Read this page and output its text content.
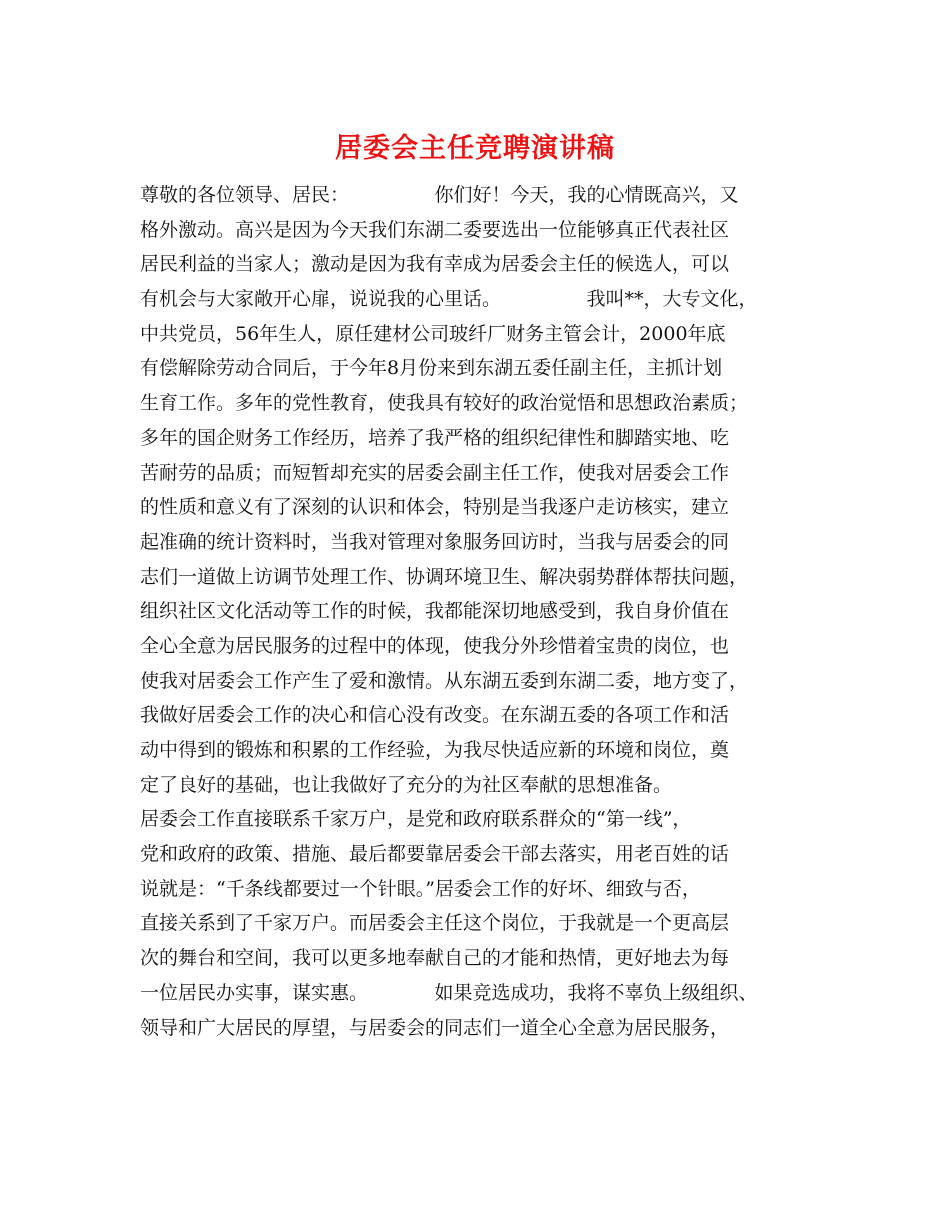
居委会主任竞聘演讲稿
尊敬的各位领导、居民：　　　　　你们好！今天，我的心情既高兴，又
格外激动。高兴是因为今天我们东湖二委要选出一位能够真正代表社区
居民利益的当家人；激动是因为我有幸成为居委会主任的候选人，可以
有机会与大家敞开心扉，说说我的心里话。　　　　　我叫**，大专文化，
中共党员，56年生人，原任建材公司玻纤厂财务主管会计，2000年底
有偿解除劳动合同后，于今年8月份来到东湖五委任副主任，主抓计划
生育工作。多年的党性教育，使我具有较好的政治觉悟和思想政治素质；
多年的国企财务工作经历，培养了我严格的组织纪律性和脚踏实地、吃
苦耐劳的品质；而短暂却充实的居委会副主任工作，使我对居委会工作
的性质和意义有了深刻的认识和体会，特别是当我逐户走访核实，建立
起准确的统计资料时，当我对管理对象服务回访时，当我与居委会的同
志们一道做上访调节处理工作、协调环境卫生、解决弱势群体帮扶问题，
组织社区文化活动等工作的时候，我都能深切地感受到，我自身价值在
全心全意为居民服务的过程中的体现，使我分外珍惜着宝贵的岗位，也
使我对居委会工作产生了爱和激情。从东湖五委到东湖二委，地方变了，
我做好居委会工作的决心和信心没有改变。在东湖五委的各项工作和活
动中得到的锻炼和积累的工作经验，为我尽快适应新的环境和岗位，奠
定了良好的基础，也让我做好了充分的为社区奉献的思想准备。
居委会工作直接联系千家万户，是党和政府联系群众的“第一线”，
党和政府的政策、措施、最后都要靠居委会干部去落实，用老百姓的话
说就是：“千条线都要过一个针眼。”居委会工作的好坏、细致与否，
直接关系到了千家万户。而居委会主任这个岗位，于我就是一个更高层
次的舞台和空间，我可以更多地奉献自己的才能和热情，更好地去为每
一位居民办实事，谋实惠。　　　　如果竞选成功，我将不辜负上级组织、
领导和广大居民的厚望，与居委会的同志们一道全心全意为居民服务，
